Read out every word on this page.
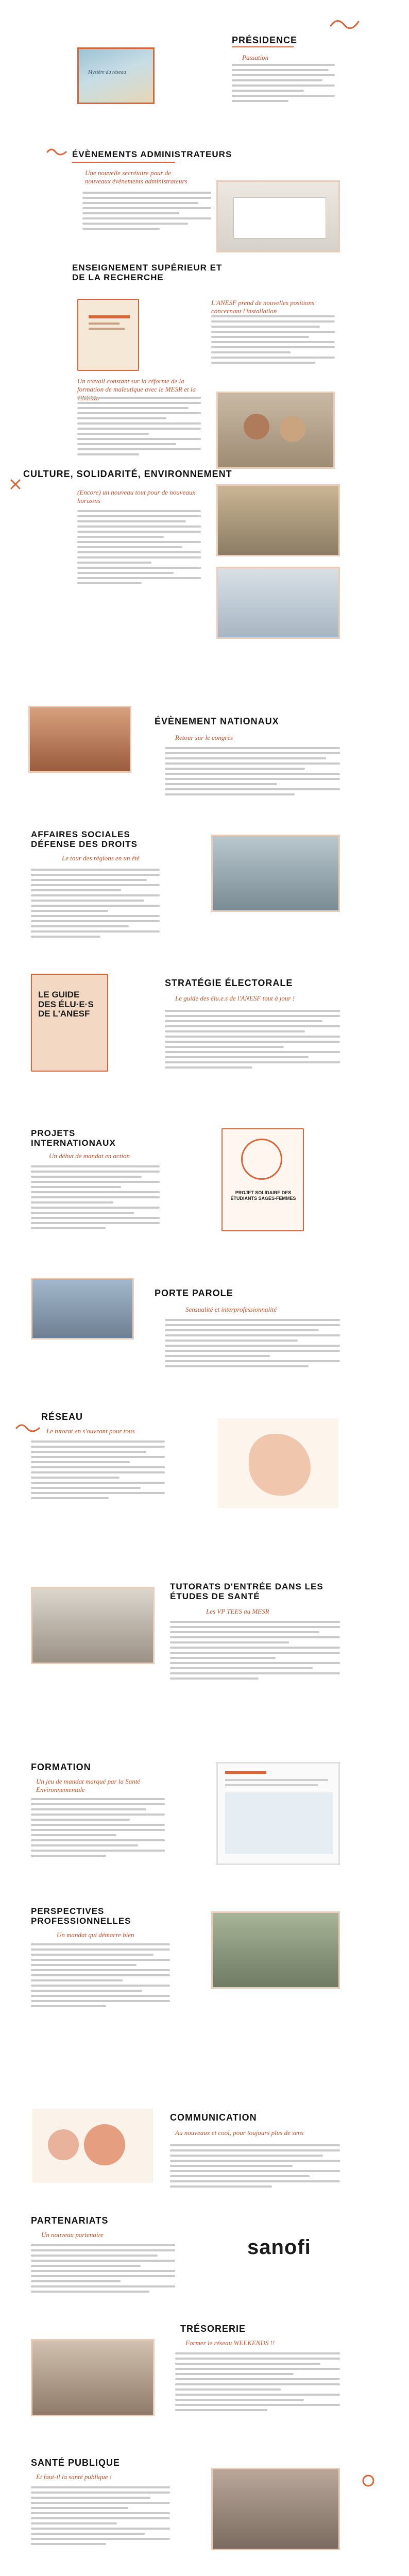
Mystère du réseau
PRÉSIDENCE
Passation
ÉVÈNEMENTS ADMINISTRATEURS
Une nouvelle secrétaire pour de nouveaux évènements administrateurs
ENSEIGNEMENT SUPÉRIEUR ET DE LA RECHERCHE
L'ANESF prend de nouvelles positions concernant l'installation
Un travail constant sur la réforme de la formation de maïeutique avec le MESR et la
CULTURE, SOLIDARITÉ, ENVIRONNEMENT
(Encore) un nouveau tout pour de nouveaux horizons
ÉVÈNEMENT NATIONAUX
Retour sur le congrès
AFFAIRES SOCIALES DÉFENSE DES DROITS
Le tour des régions en un été
LE GUIDE
DES ÉLU·E·S
DE L'ANESF
STRATÉGIE ÉLECTORALE
Le guide des élu.e.s de l'ANESF tout à jour !
PROJETS INTERNATIONAUX
Un début de mandat en action
PROJET SOLIDAIRE DES
ÉTUDIANTS SAGES-FEMMES
PORTE PAROLE
Sensualité et interprofessionnalité
RÉSEAU
Le tutorat en s'ouvrant pour tous
TUTORATS D'ENTRÉE DANS LES ÉTUDES DE SANTÉ
Les VP TEES au MESR
FORMATION
Un jeu de mandat marqué par la Santé Environnementale
PERSPECTIVES PROFESSIONNELLES
Un mandat qui démarre bien
COMMUNICATION
Au nouveaux et cool, pour toujours plus de sens
PARTENARIATS
Un nouveau partenaire
sanofi
TRÉSORERIE
Former le réseau WEEKENDS !!
SANTÉ PUBLIQUE
Et faut-il la santé publique !
